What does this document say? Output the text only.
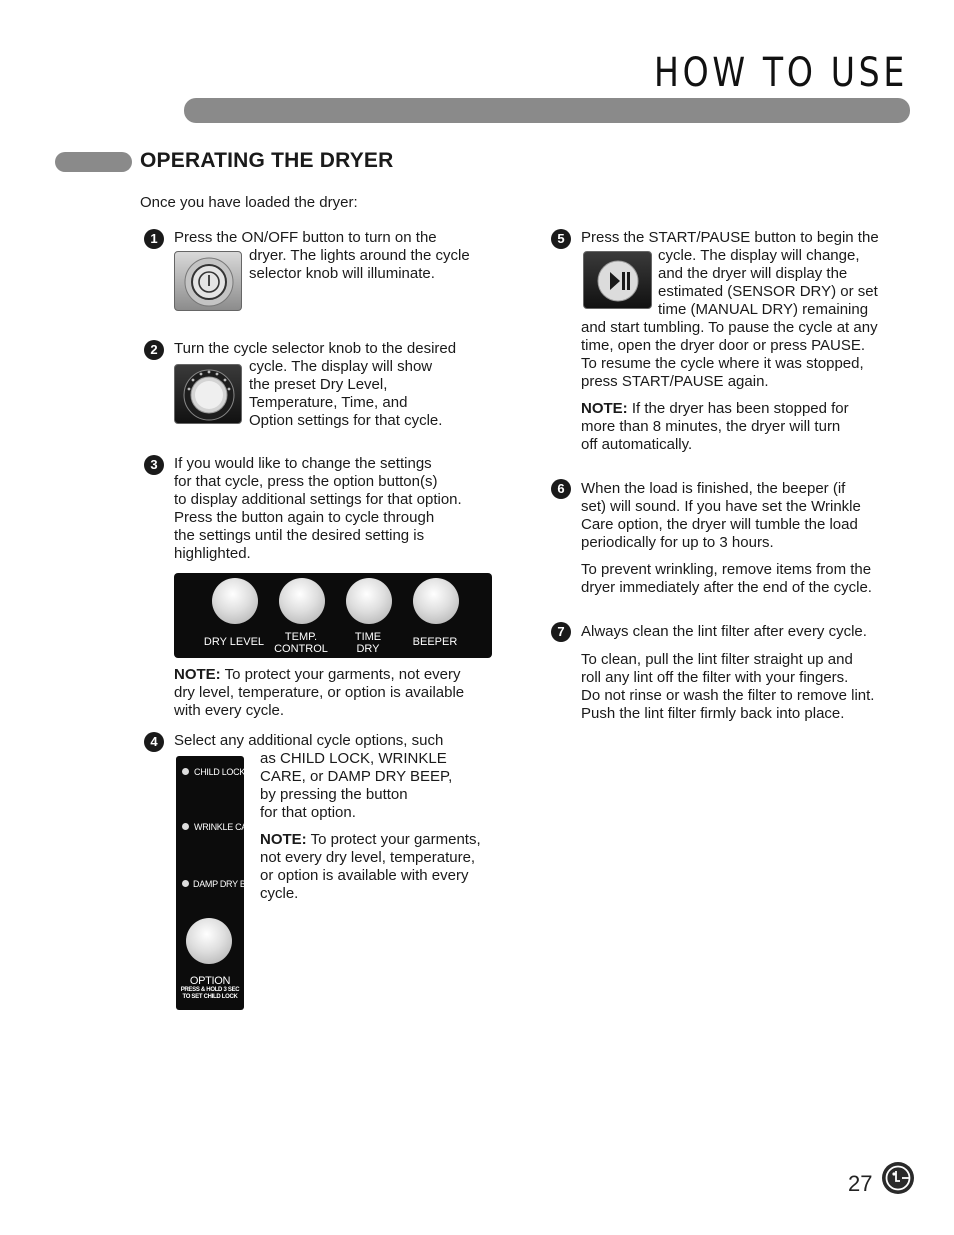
HOW TO USE
OPERATING THE DRYER
Once you have loaded the dryer:
1	Press the ON/OFF button to turn on the

dryer. The lights around the cycle

selector knob will illuminate.

2	Turn the cycle selector knob to the desired

cycle. The display will show

the preset Dry Level,

Temperature, Time, and

Option settings for that cycle.

3	If you would like to change the settings

for that cycle, press the option button(s)

to display additional settings for that option.

Press the button again to cycle through

the settings until the desired setting is

highlighted.

DRY LEVEL	TEMP.
CONTROL
TIME
DRY
BEEPER

NOTE: To protect your garments, not every

dry level, temperature, or option is available

with every cycle.

4	Select any additional cycle options, such

as CHILD LOCK, WRINKLE

CARE, or DAMP DRY BEEP,

by pressing the button

for that option.

NOTE: To protect your garments,

not every dry level, temperature,

or option is available with every

cycle.

CHILD LOCK
WRINKLE CARE
DAMP DRY BEEP
OPTION
PRESS & HOLD 3 SEC
TO SET CHILD LOCK
5	Press the START/PAUSE button to begin the

cycle. The display will change,

and the dryer will display the

estimated (SENSOR DRY) or set

time (MANUAL DRY) remaining

and start tumbling. To pause the cycle at any

time, open the dryer door or press PAUSE.

To resume the cycle where it was stopped,

press START/PAUSE again.

NOTE: If the dryer has been stopped for

more than 8 minutes, the dryer will turn

off automatically.

6	When the load is finished, the beeper (if

set) will sound. If you have set the Wrinkle

Care option, the dryer will tumble the load

periodically for up to 3 hours.

To prevent wrinkling, remove items from the

dryer immediately after the end of the cycle.

7	Always clean the lint filter after every cycle.

To clean, pull the lint filter straight up and

roll any lint off the filter with your fingers.

Do not rinse or wash the filter to remove lint.

Push the lint filter firmly back into place.

27
